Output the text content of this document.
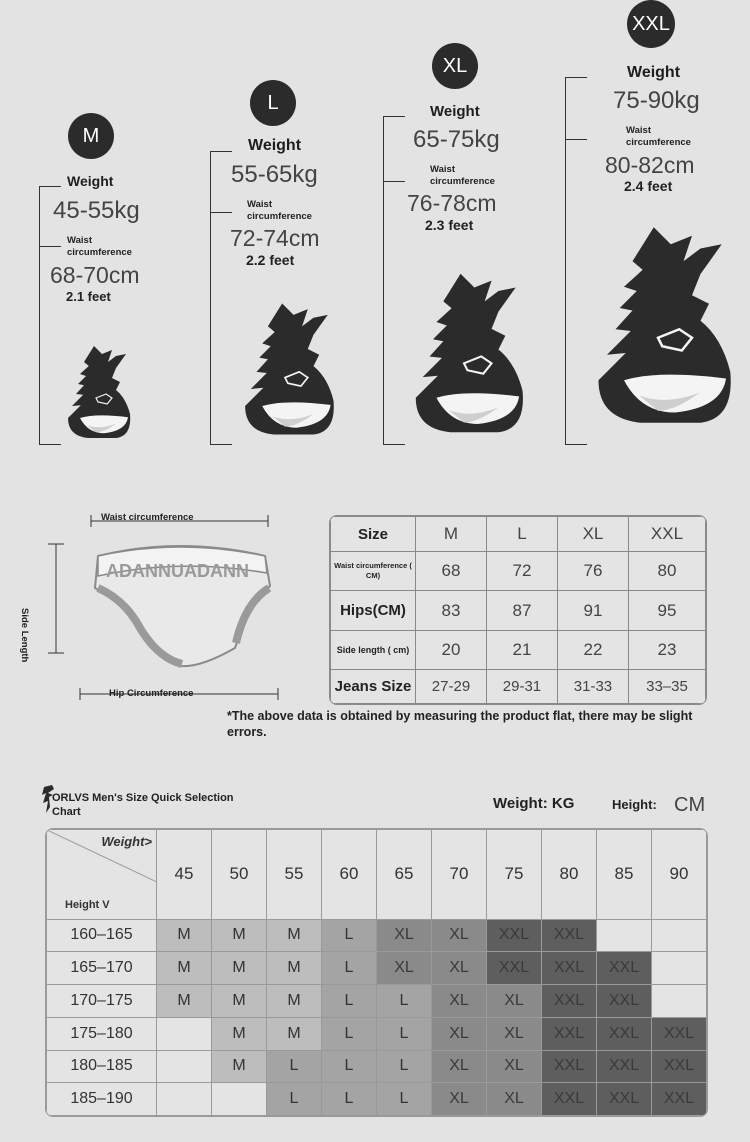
M
Weight
45-55kg
Waist
circumference
68-70cm
2.1 feet
L
Weight
55-65kg
Waist
circumference
72-74cm
2.2 feet
XL
Weight
65-75kg
Waist
circumference
76-78cm
2.3 feet
XXL
Weight
75-90kg
Waist
circumference
80-82cm
2.4 feet
ADANNUADANN
Waist circumference
Side Length
Hip Circumference
Size	M	L	XL	XXL
Waist circumference ( CM)	68	72	76	80
Hips(CM)	83	87	91	95
Side length ( cm)	20	21	22	23
Jeans Size	27-29	29-31	31-33	33–35
*The above data is obtained by measuring the product flat, there may be slight errors.
ORLVS Men's Size Quick Selection
Chart	Weight: KG	Height: CM
Weight>
Height V	45	50	55	60	65	70	75	80	85	90
160–165	M	M	M	L	XL	XL	XXL	XXL		
165–170	M	M	M	L	XL	XL	XXL	XXL	XXL	
170–175	M	M	M	L	L	XL	XL	XXL	XXL	
175–180		M	M	L	L	XL	XL	XXL	XXL	XXL
180–185		M	L	L	L	XL	XL	XXL	XXL	XXL
185–190			L	L	L	XL	XL	XXL	XXL	XXL
